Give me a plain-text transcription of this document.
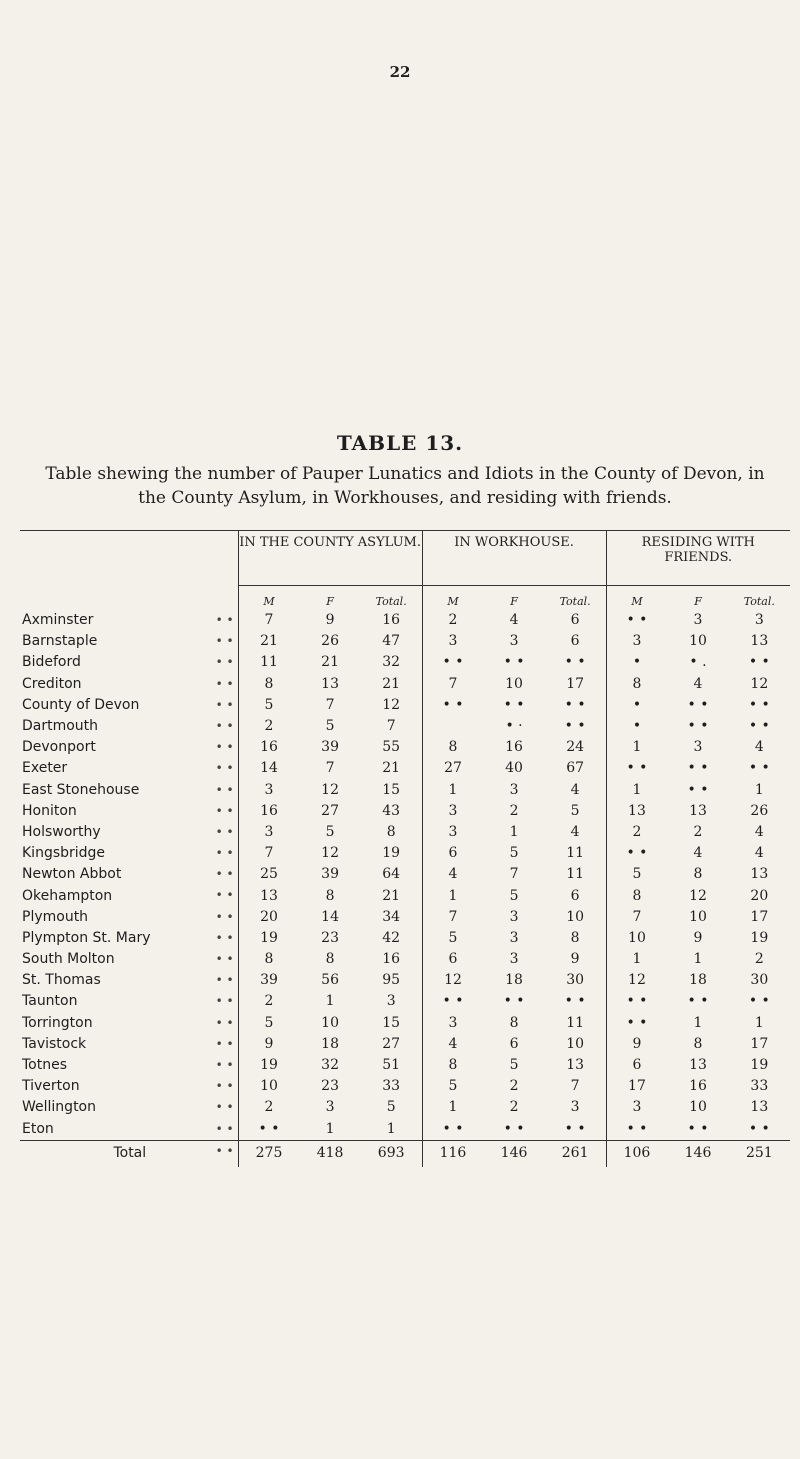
22
TABLE 13.
Table shewing the number of Pauper Lunatics and Idiots in the County of Devon, in the County Asylum, in Workhouses, and residing with friends.
	IN THE COUNTY ASYLUM.			IN WORKHOUSE.			RESIDING WITH FRIENDS.		
	M	F	Total.	M	F	Total.	M	F	Total.
Axminster • •	7	9	16	2	4	6	• •	3	3
Barnstaple • •	21	26	47	3	3	6	3	10	13
Bideford • •	11	21	32	• •	• •	• •	•	• .	• •
Crediton • •	8	13	21	7	10	17	8	4	12
County of Devon • •	5	7	12	• •	• •	• •	•	• •	• •
Dartmouth • •	2	5	7		• ·	• •	•	• •	• •
Devonport • •	16	39	55	8	16	24	1	3	4
Exeter • •	14	7	21	27	40	67	• •	• •	• •
East Stonehouse • •	3	12	15	1	3	4	1	• •	1
Honiton • •	16	27	43	3	2	5	13	13	26
Holsworthy • •	3	5	8	3	1	4	2	2	4
Kingsbridge • •	7	12	19	6	5	11	• •	4	4
Newton Abbot • •	25	39	64	4	7	11	5	8	13
Okehampton • •	13	8	21	1	5	6	8	12	20
Plymouth • •	20	14	34	7	3	10	7	10	17
Plympton St. Mary • •	19	23	42	5	3	8	10	9	19
South Molton • •	8	8	16	6	3	9	1	1	2
St. Thomas • •	39	56	95	12	18	30	12	18	30
Taunton • •	2	1	3	• •	• •	• •	• •	• •	• •
Torrington • •	5	10	15	3	8	11	• •	1	1
Tavistock • •	9	18	27	4	6	10	9	8	17
Totnes • •	19	32	51	8	5	13	6	13	19
Tiverton • •	10	23	33	5	2	7	17	16	33
Wellington • •	2	3	5	1	2	3	3	10	13
Eton • •	• •	1	1	• •	• •	• •	• •	• •	• •
Total • •	275	418	693	116	146	261	106	146	251
